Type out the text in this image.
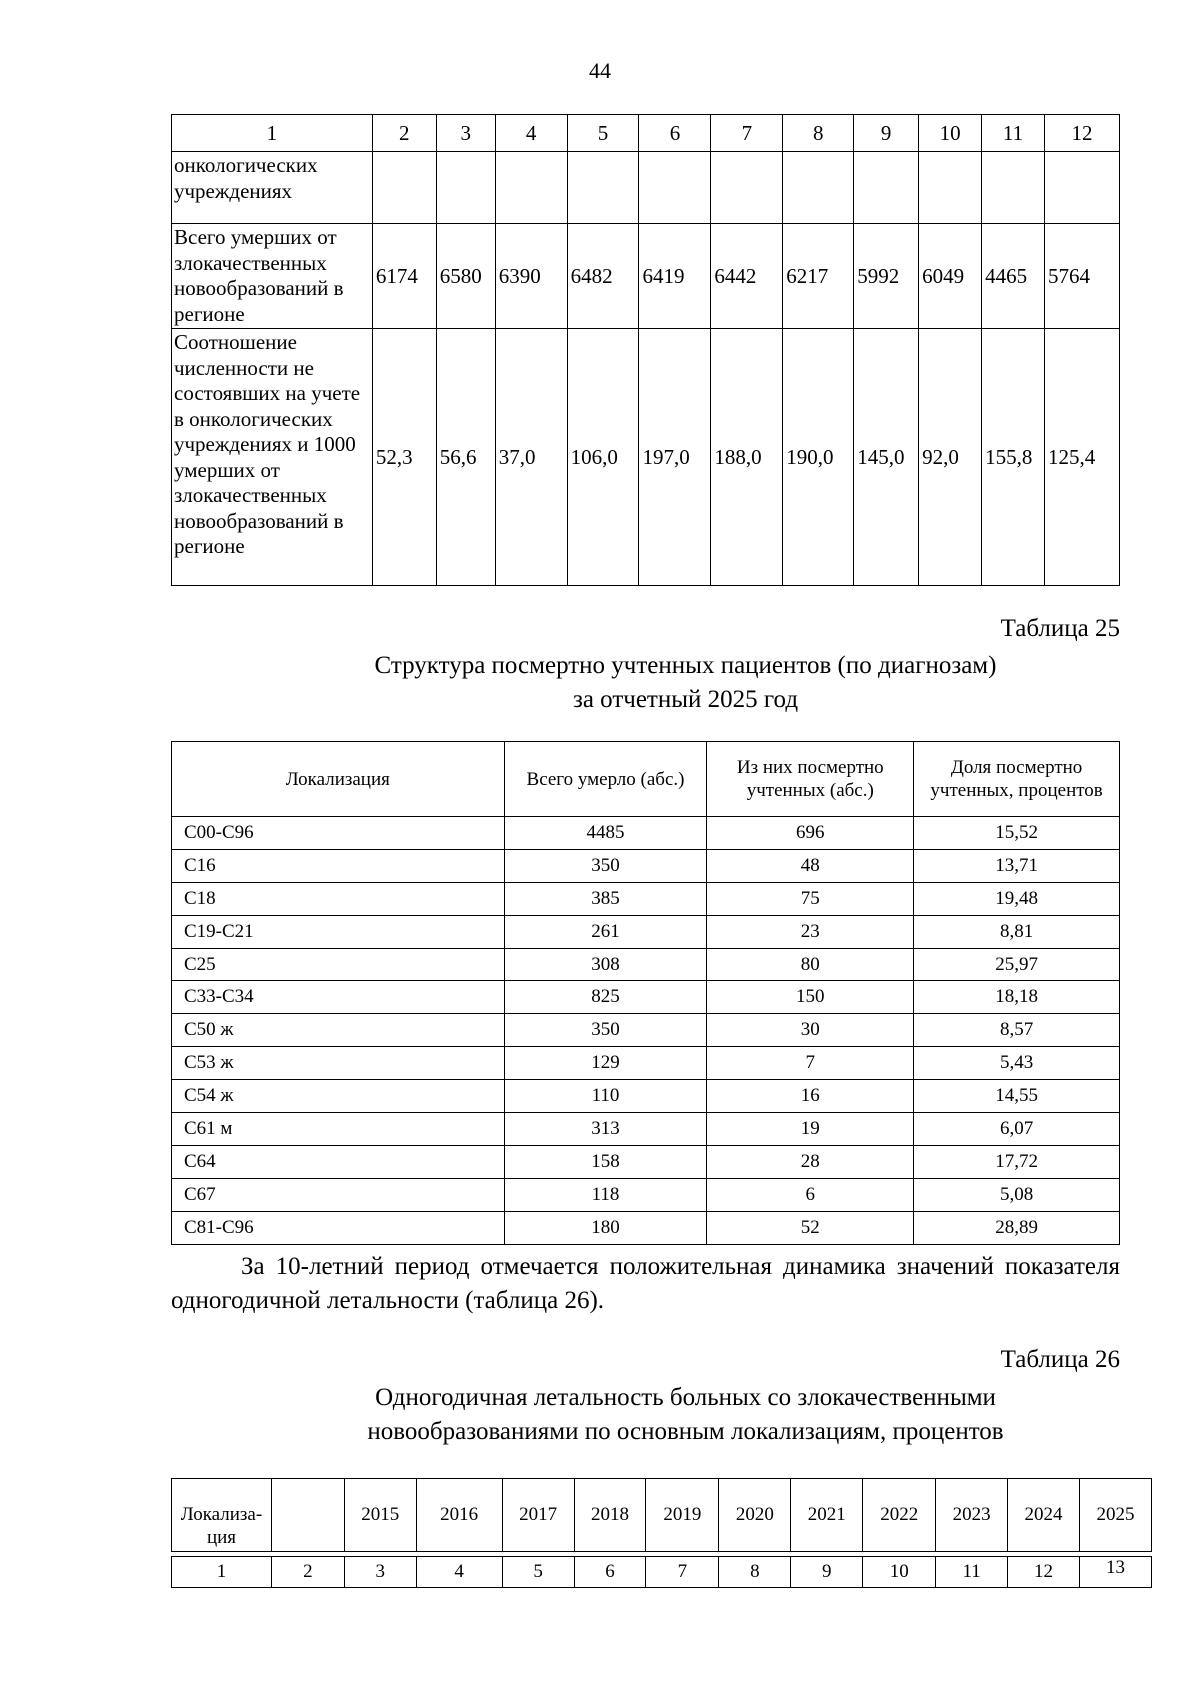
44
1	2	3	4	5	6	7	8	9	10	11	12
онкологических учреждениях											
Всего умерших от злокачественных новообразований в регионе	6174	6580	6390	6482	6419	6442	6217	5992	6049	4465	5764
Соотношение численности не состоявших на учете в онкологических учреждениях и 1000 умерших от злокачественных новообразований в регионе	52,3	56,6	37,0	106,0	197,0	188,0	190,0	145,0	92,0	155,8	125,4
Таблица 25
Структура посмертно учтенных пациентов (по диагнозам)
за отчетный 2025 год
Локализация	Всего умерло (абс.)	Из них посмертно учтенных (абс.)	Доля посмертно учтенных, процентов
C00-C96	4485	696	15,52
C16	350	48	13,71
C18	385	75	19,48
C19-C21	261	23	8,81
C25	308	80	25,97
C33-C34	825	150	18,18
C50 ж	350	30	8,57
C53 ж	129	7	5,43
C54 ж	110	16	14,55
C61 м	313	19	6,07
C64	158	28	17,72
C67	118	6	5,08
C81-C96	180	52	28,89
За 10-летний период отмечается положительная динамика значений показателя одногодичной летальности (таблица 26).
Таблица 26
Одногодичная летальность больных со злокачественными
новообразованиями по основным локализациям, процентов
Локализа-ция		2015	2016	2017	2018	2019	2020	2021	2022	2023	2024	2025

1	2	3	4	5	6	7	8	9	10	11	12	13
